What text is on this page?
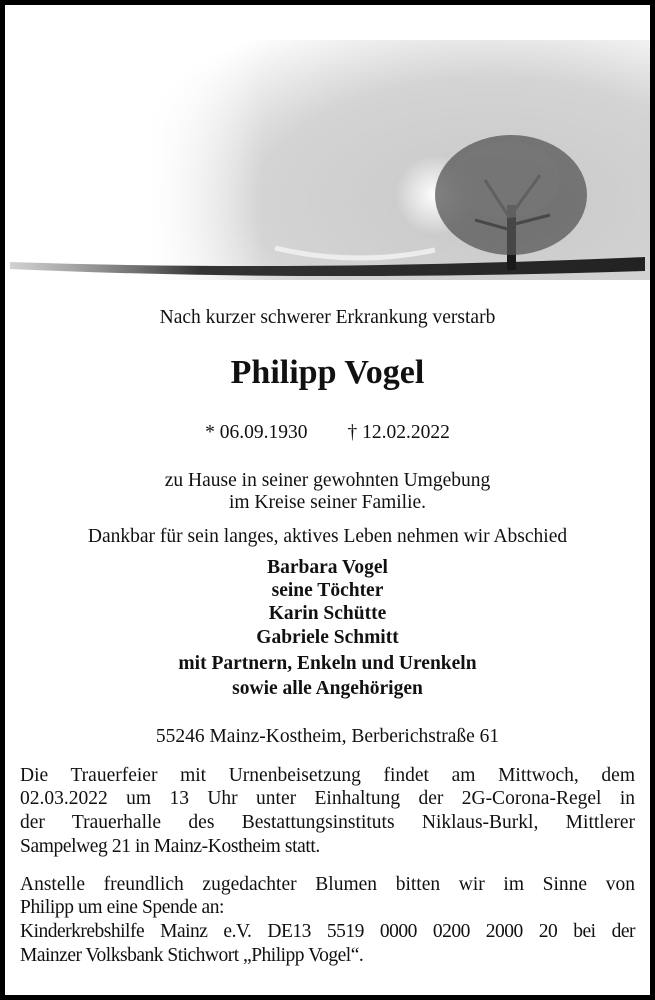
Nach kurzer schwerer Erkrankung verstarb
Philipp Vogel
* 06.09.1930 † 12.02.2022
zu Hause in seiner gewohnten Umgebung
im Kreise seiner Familie.
Dankbar für sein langes, aktives Leben nehmen wir Abschied
Barbara Vogel
seine Töchter
Karin Schütte
Gabriele Schmitt
mit Partnern, Enkeln und Urenkeln
sowie alle Angehörigen
55246 Mainz-Kostheim, Berberichstraße 61
Die Trauerfeier mit Urnenbeisetzung findet am Mittwoch, dem
02.03.2022 um 13 Uhr unter Einhaltung der 2G-Corona-Regel in
der Trauerhalle des Bestattungsinstituts Niklaus-Burkl, Mittlerer
Sampelweg 21 in Mainz-Kostheim statt.
Anstelle freundlich zugedachter Blumen bitten wir im Sinne von
Philipp um eine Spende an:
Kinderkrebshilfe Mainz e.V. DE13 5519 0000 0200 2000 20 bei der
Mainzer Volksbank Stichwort „Philipp Vogel“.
